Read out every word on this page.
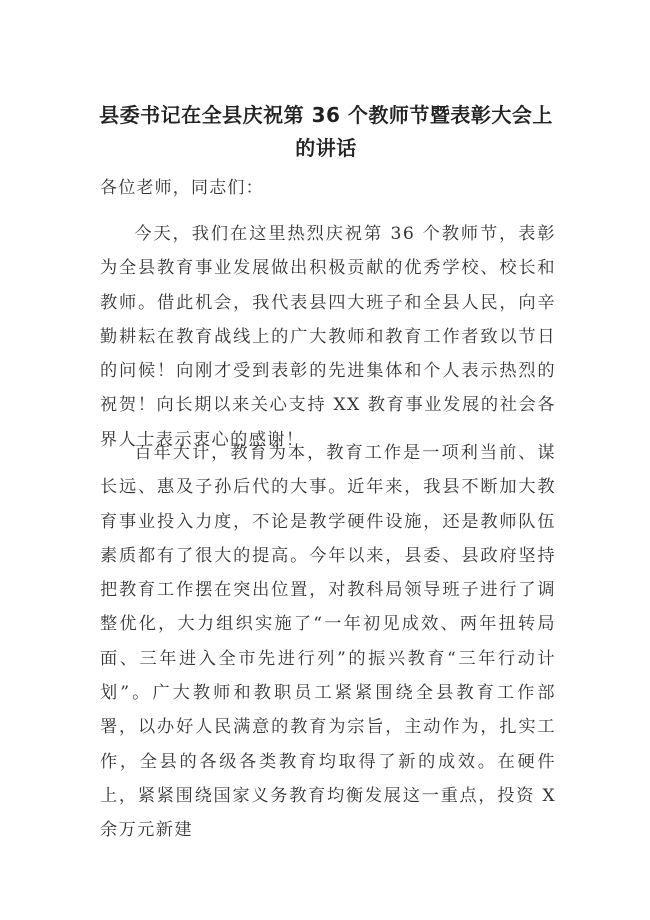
县委书记在全县庆祝第 36 个教师节暨表彰大会上的讲话

各位老师，同志们：

今天，我们在这里热烈庆祝第 36 个教师节，表彰为全县教育事业发展做出积极贡献的优秀学校、校长和教师。借此机会，我代表县四大班子和全县人民，向辛勤耕耘在教育战线上的广大教师和教育工作者致以节日的问候！向刚才受到表彰的先进集体和个人表示热烈的祝贺！向长期以来关心支持 XX 教育事业发展的社会各界人士表示衷心的感谢！

百年大计，教育为本，教育工作是一项利当前、谋长远、惠及子孙后代的大事。近年来，我县不断加大教育事业投入力度，不论是教学硬件设施，还是教师队伍素质都有了很大的提高。今年以来，县委、县政府坚持把教育工作摆在突出位置，对教科局领导班子进行了调整优化，大力组织实施了“一年初见成效、两年扭转局面、三年进入全市先进行列”的振兴教育“三年行动计划”。广大教师和教职员工紧紧围绕全县教育工作部署，以办好人民满意的教育为宗旨，主动作为，扎实工作，全县的各级各类教育均取得了新的成效。在硬件上，紧紧围绕国家义务教育均衡发展这一重点，投资 X 余万元新建
